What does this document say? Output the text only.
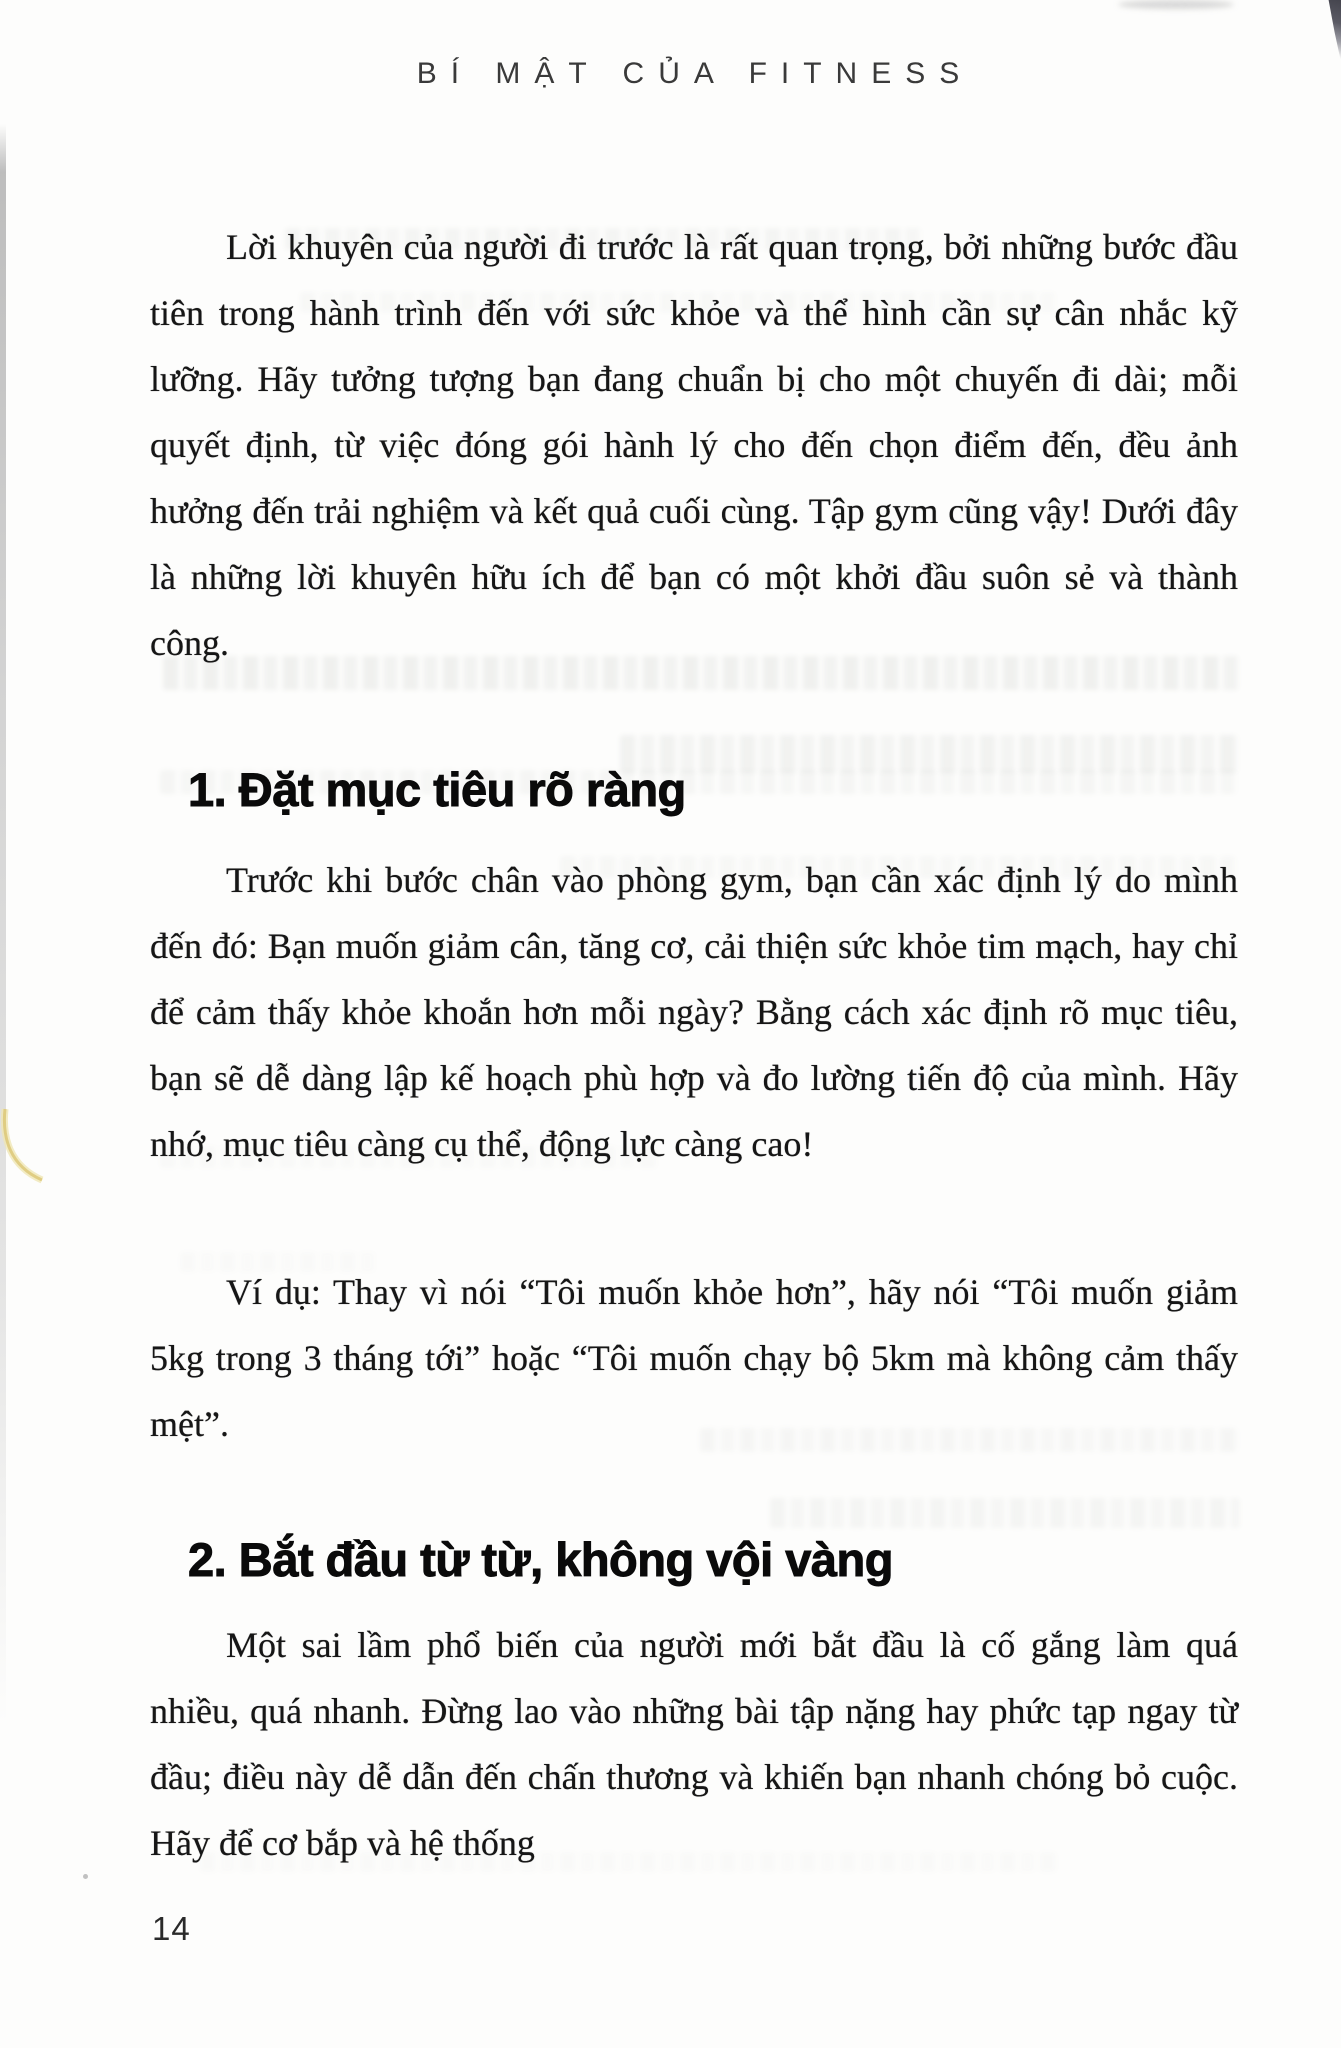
BÍ MẬT CỦA FITNESS

Lời khuyên của người đi trước là rất quan trọng, bởi những bước đầu tiên trong hành trình đến với sức khỏe và thể hình cần sự cân nhắc kỹ lưỡng. Hãy tưởng tượng bạn đang chuẩn bị cho một chuyến đi dài; mỗi quyết định, từ việc đóng gói hành lý cho đến chọn điểm đến, đều ảnh hưởng đến trải nghiệm và kết quả cuối cùng. Tập gym cũng vậy! Dưới đây là những lời khuyên hữu ích để bạn có một khởi đầu suôn sẻ và thành công.

1. Đặt mục tiêu rõ ràng

Trước khi bước chân vào phòng gym, bạn cần xác định lý do mình đến đó: Bạn muốn giảm cân, tăng cơ, cải thiện sức khỏe tim mạch, hay chỉ để cảm thấy khỏe khoắn hơn mỗi ngày? Bằng cách xác định rõ mục tiêu, bạn sẽ dễ dàng lập kế hoạch phù hợp và đo lường tiến độ của mình. Hãy nhớ, mục tiêu càng cụ thể, động lực càng cao!

Ví dụ: Thay vì nói “Tôi muốn khỏe hơn”, hãy nói “Tôi muốn giảm 5kg trong 3 tháng tới” hoặc “Tôi muốn chạy bộ 5km mà không cảm thấy mệt”.

2. Bắt đầu từ từ, không vội vàng

Một sai lầm phổ biến của người mới bắt đầu là cố gắng làm quá nhiều, quá nhanh. Đừng lao vào những bài tập nặng hay phức tạp ngay từ đầu; điều này dễ dẫn đến chấn thương và khiến bạn nhanh chóng bỏ cuộc. Hãy để cơ bắp và hệ thống

14
